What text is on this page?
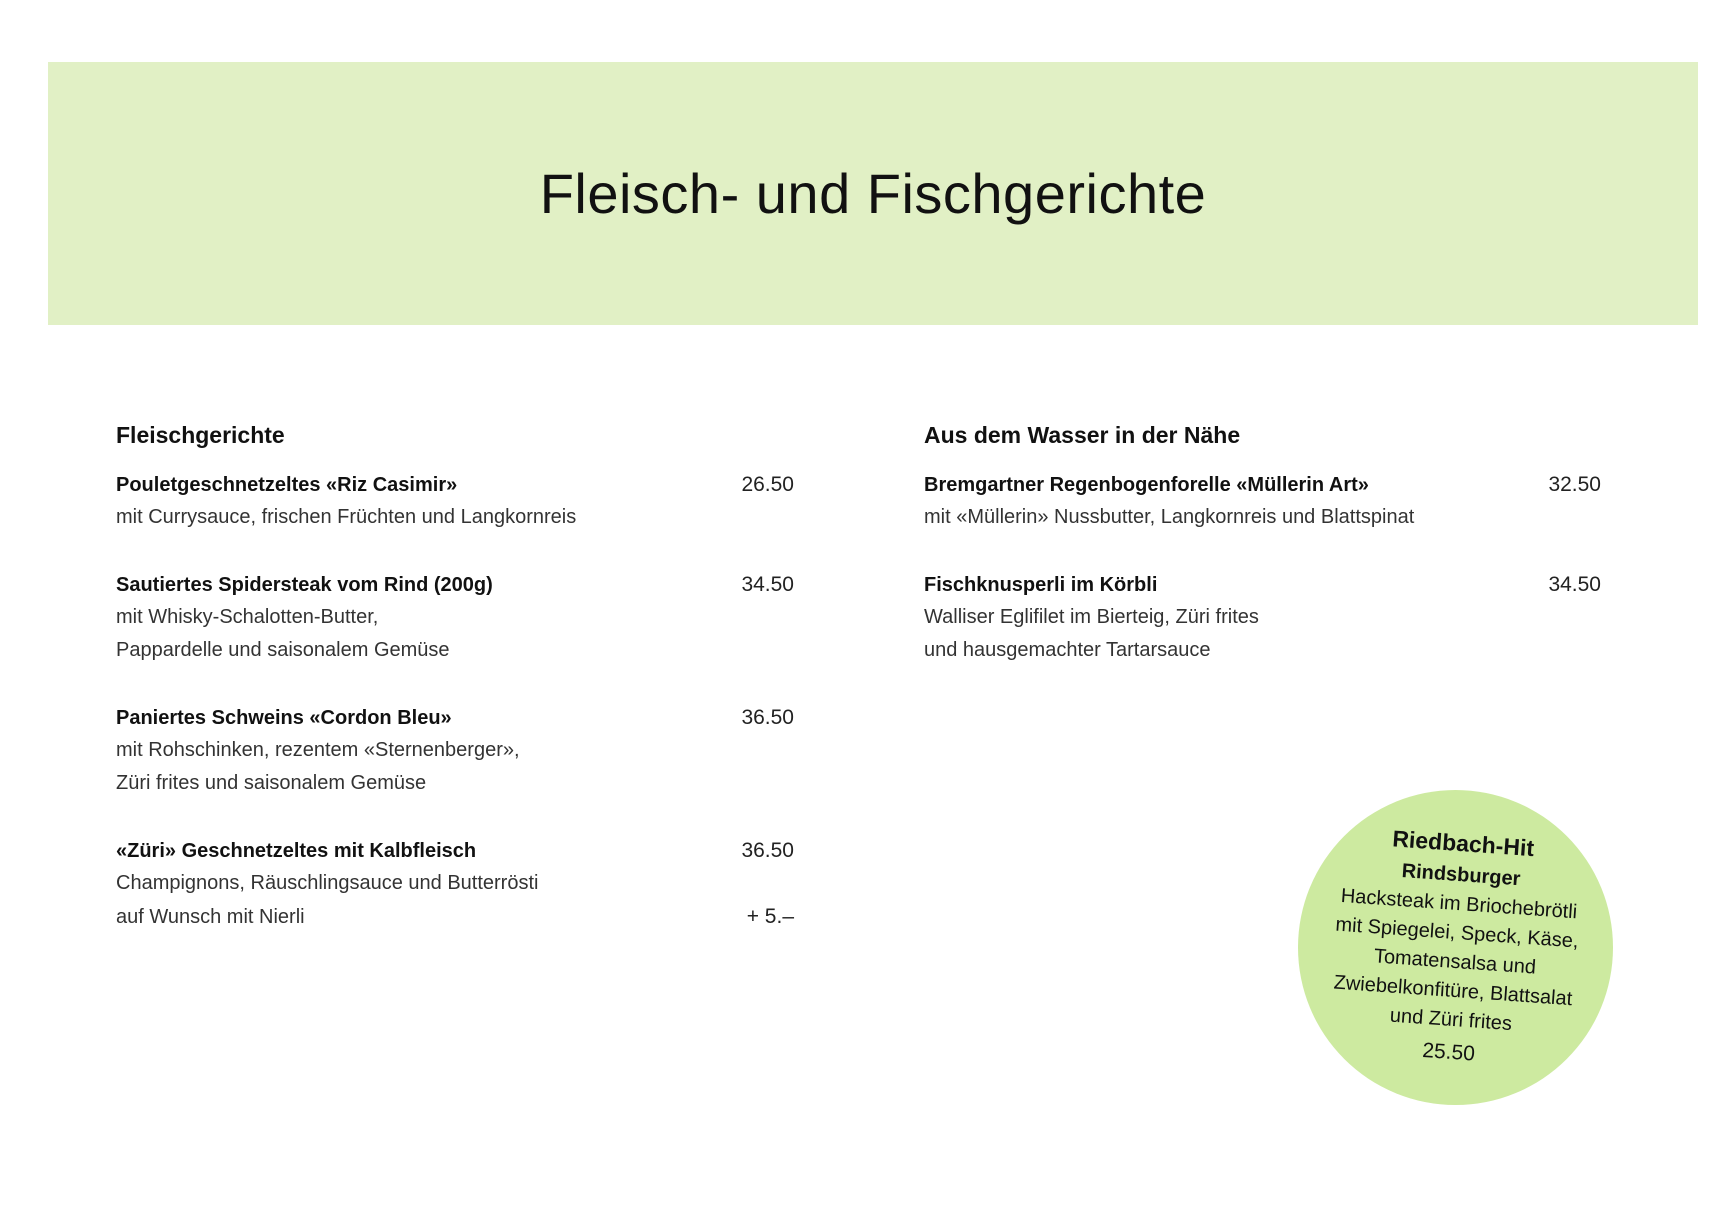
Fleisch- und Fischgerichte
Fleischgerichte
Pouletgeschnetzeltes «Riz Casimir»	26.50
mit Currysauce, frischen Früchten und Langkornreis
Sautiertes Spidersteak vom Rind (200g)	34.50
mit Whisky-Schalotten-Butter,
Pappardelle und saisonalem Gemüse
Paniertes Schweins «Cordon Bleu»	36.50
mit Rohschinken, rezentem «Sternenberger»,
Züri frites und saisonalem Gemüse
«Züri» Geschnetzeltes mit Kalbfleisch	36.50
Champignons, Räuschlingsauce und Butterrösti
auf Wunsch mit Nierli	+ 5.–
Aus dem Wasser in der Nähe
Bremgartner Regenbogenforelle «Müllerin Art»	32.50
mit «Müllerin» Nussbutter, Langkornreis und Blattspinat
Fischknusperli im Körbli	34.50
Walliser Eglifilet im Bierteig, Züri frites
und hausgemachter Tartarsauce
Riedbach-Hit
Rindsburger
Hacksteak im Briochebrötli
mit Spiegelei, Speck, Käse,
Tomatensalsa und
Zwiebelkonfitüre, Blattsalat
und Züri frites
25.50
